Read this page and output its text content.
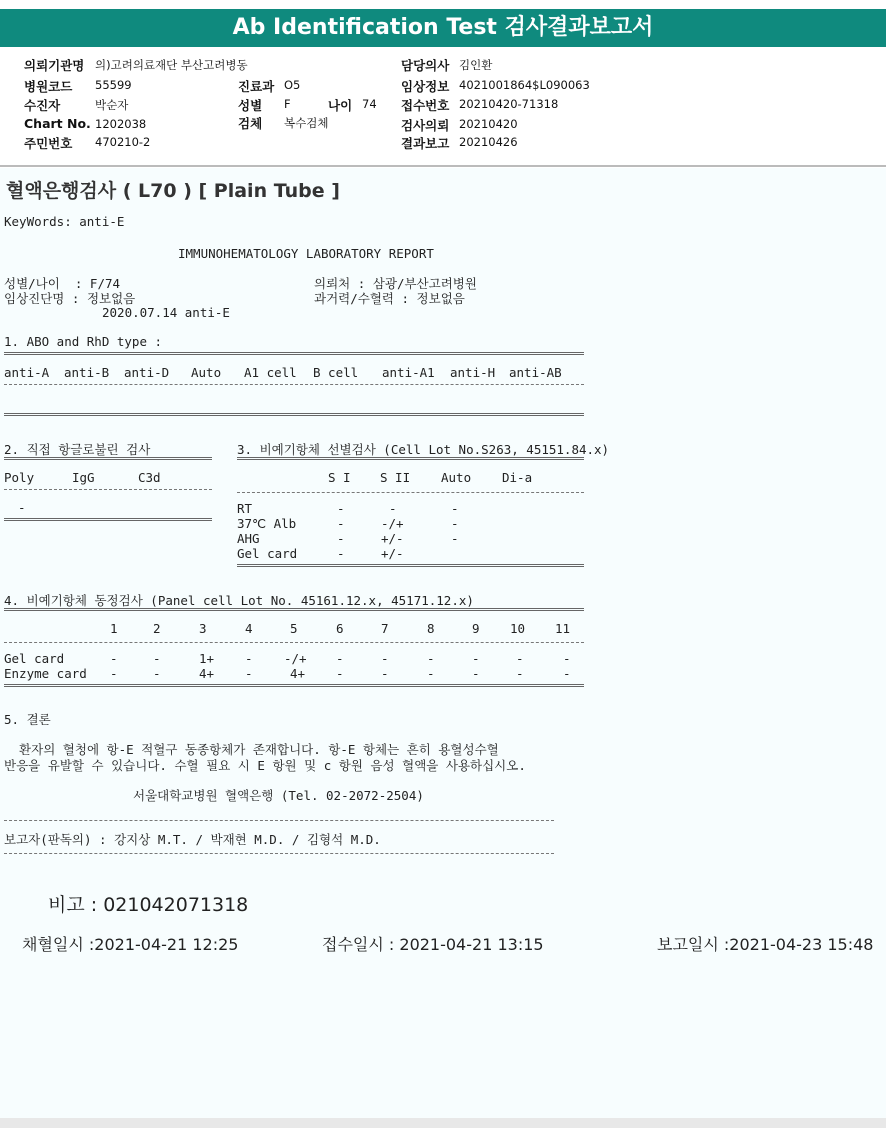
Ab Identification Test 검사결과보고서
의뢰기관명 의)고려의료재단 부산고려병동
병원코드 55599
수진자	박순자
Chart No. 1202038
주민번호 470210-2
진료과 O5
성별 F	나이 74
검체 복수검체
담당의사 김인환
임상정보 4021001864$L090063
접수번호 20210420-71318
검사의뢰 20210420
결과보고 20210426
혈액은행검사 ( L70 ) [ Plain Tube ]
KeyWords: anti-E
IMMUNOHEMATOLOGY LABORATORY REPORT
성별/나이  : F/74
임상진단명 : 정보없음
2020.07.14 anti-E
의뢰처 : 삼광/부산고려병원
과거력/수혈력 : 정보없음
1. ABO and RhD type :
anti-A anti-B anti-D Auto A1 cell B cell anti-A1 anti-H anti-AB
2. 직접 항글로불린 검사
Poly	IgG	C3d
-
3. 비예기항체 선별검사 (Cell Lot No.S263, 45151.84.x)
S I S II Auto Di-a
RT	-	-	-
37℃ Alb	-	-/+	-
AHG	-	+/-	-
Gel card	-	+/-
4. 비예기항체 동정검사 (Panel cell Lot No. 45161.12.x, 45171.12.x)
1	2	3	4	5	6	7	8	9 10 11
Gel card	-	-	1+ -	-/+ -	-	-	-	-	-
Enzyme card -	-	4+ -	4+ -	-	-	-	-	-
5. 결론
환자의 혈청에 항-E 적혈구 동종항체가 존재합니다. 항-E 항체는 흔히 용혈성수혈
반응을 유발할 수 있습니다. 수혈 필요 시 E 항원 및 c 항원 음성 혈액을 사용하십시오.
서울대학교병원 혈액은행 (Tel. 02-2072-2504)
보고자(판독의) : 강지상 M.T. / 박재현 M.D. / 김형석 M.D.
비고 : 021042071318
채혈일시 :2021-04-21 12:25	접수일시 : 2021-04-21 13:15	보고일시 :2021-04-23 15:48
